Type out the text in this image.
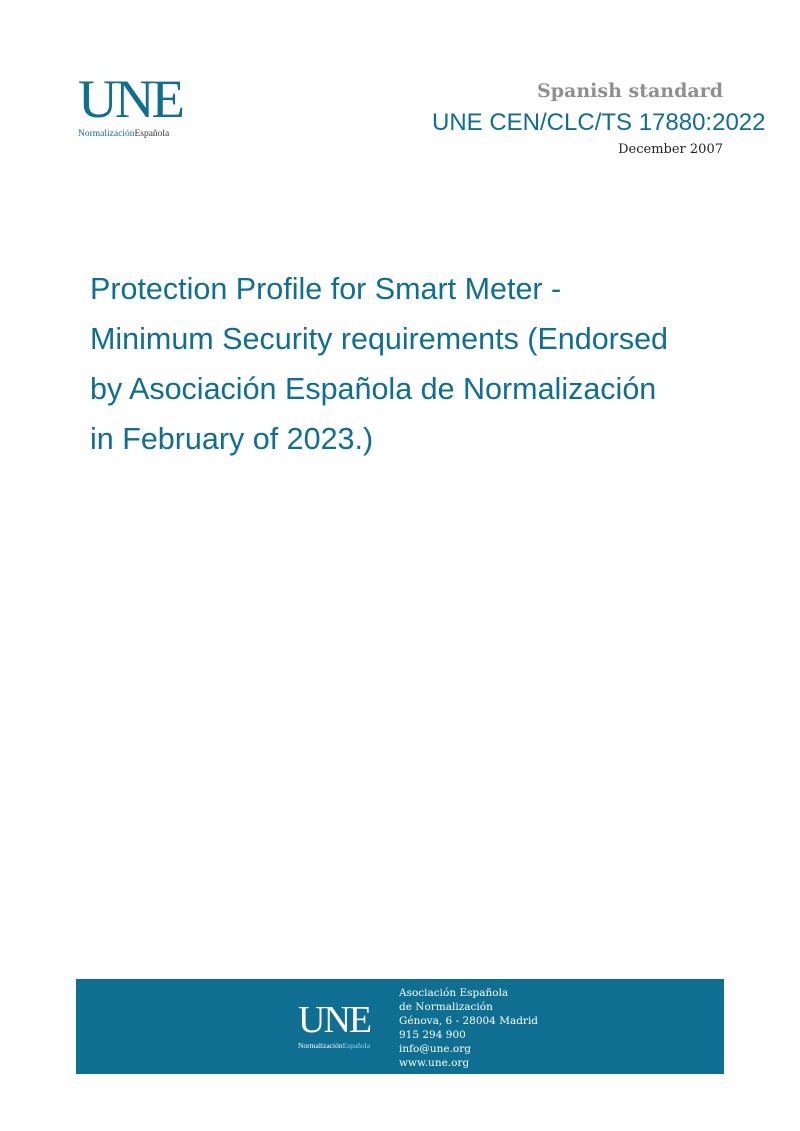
UNE
NormalizaciónEspañola
Spanish standard
UNE CEN/CLC/TS 17880:2022
December 2007
Protection Profile for Smart Meter -
Minimum Security requirements (Endorsed
by Asociación Española de Normalización
in February of 2023.)
UNE
NormalizaciónEspañola
Asociación Española
de Normalización
Génova, 6 - 28004 Madrid
915 294 900
info@une.org
www.une.org
